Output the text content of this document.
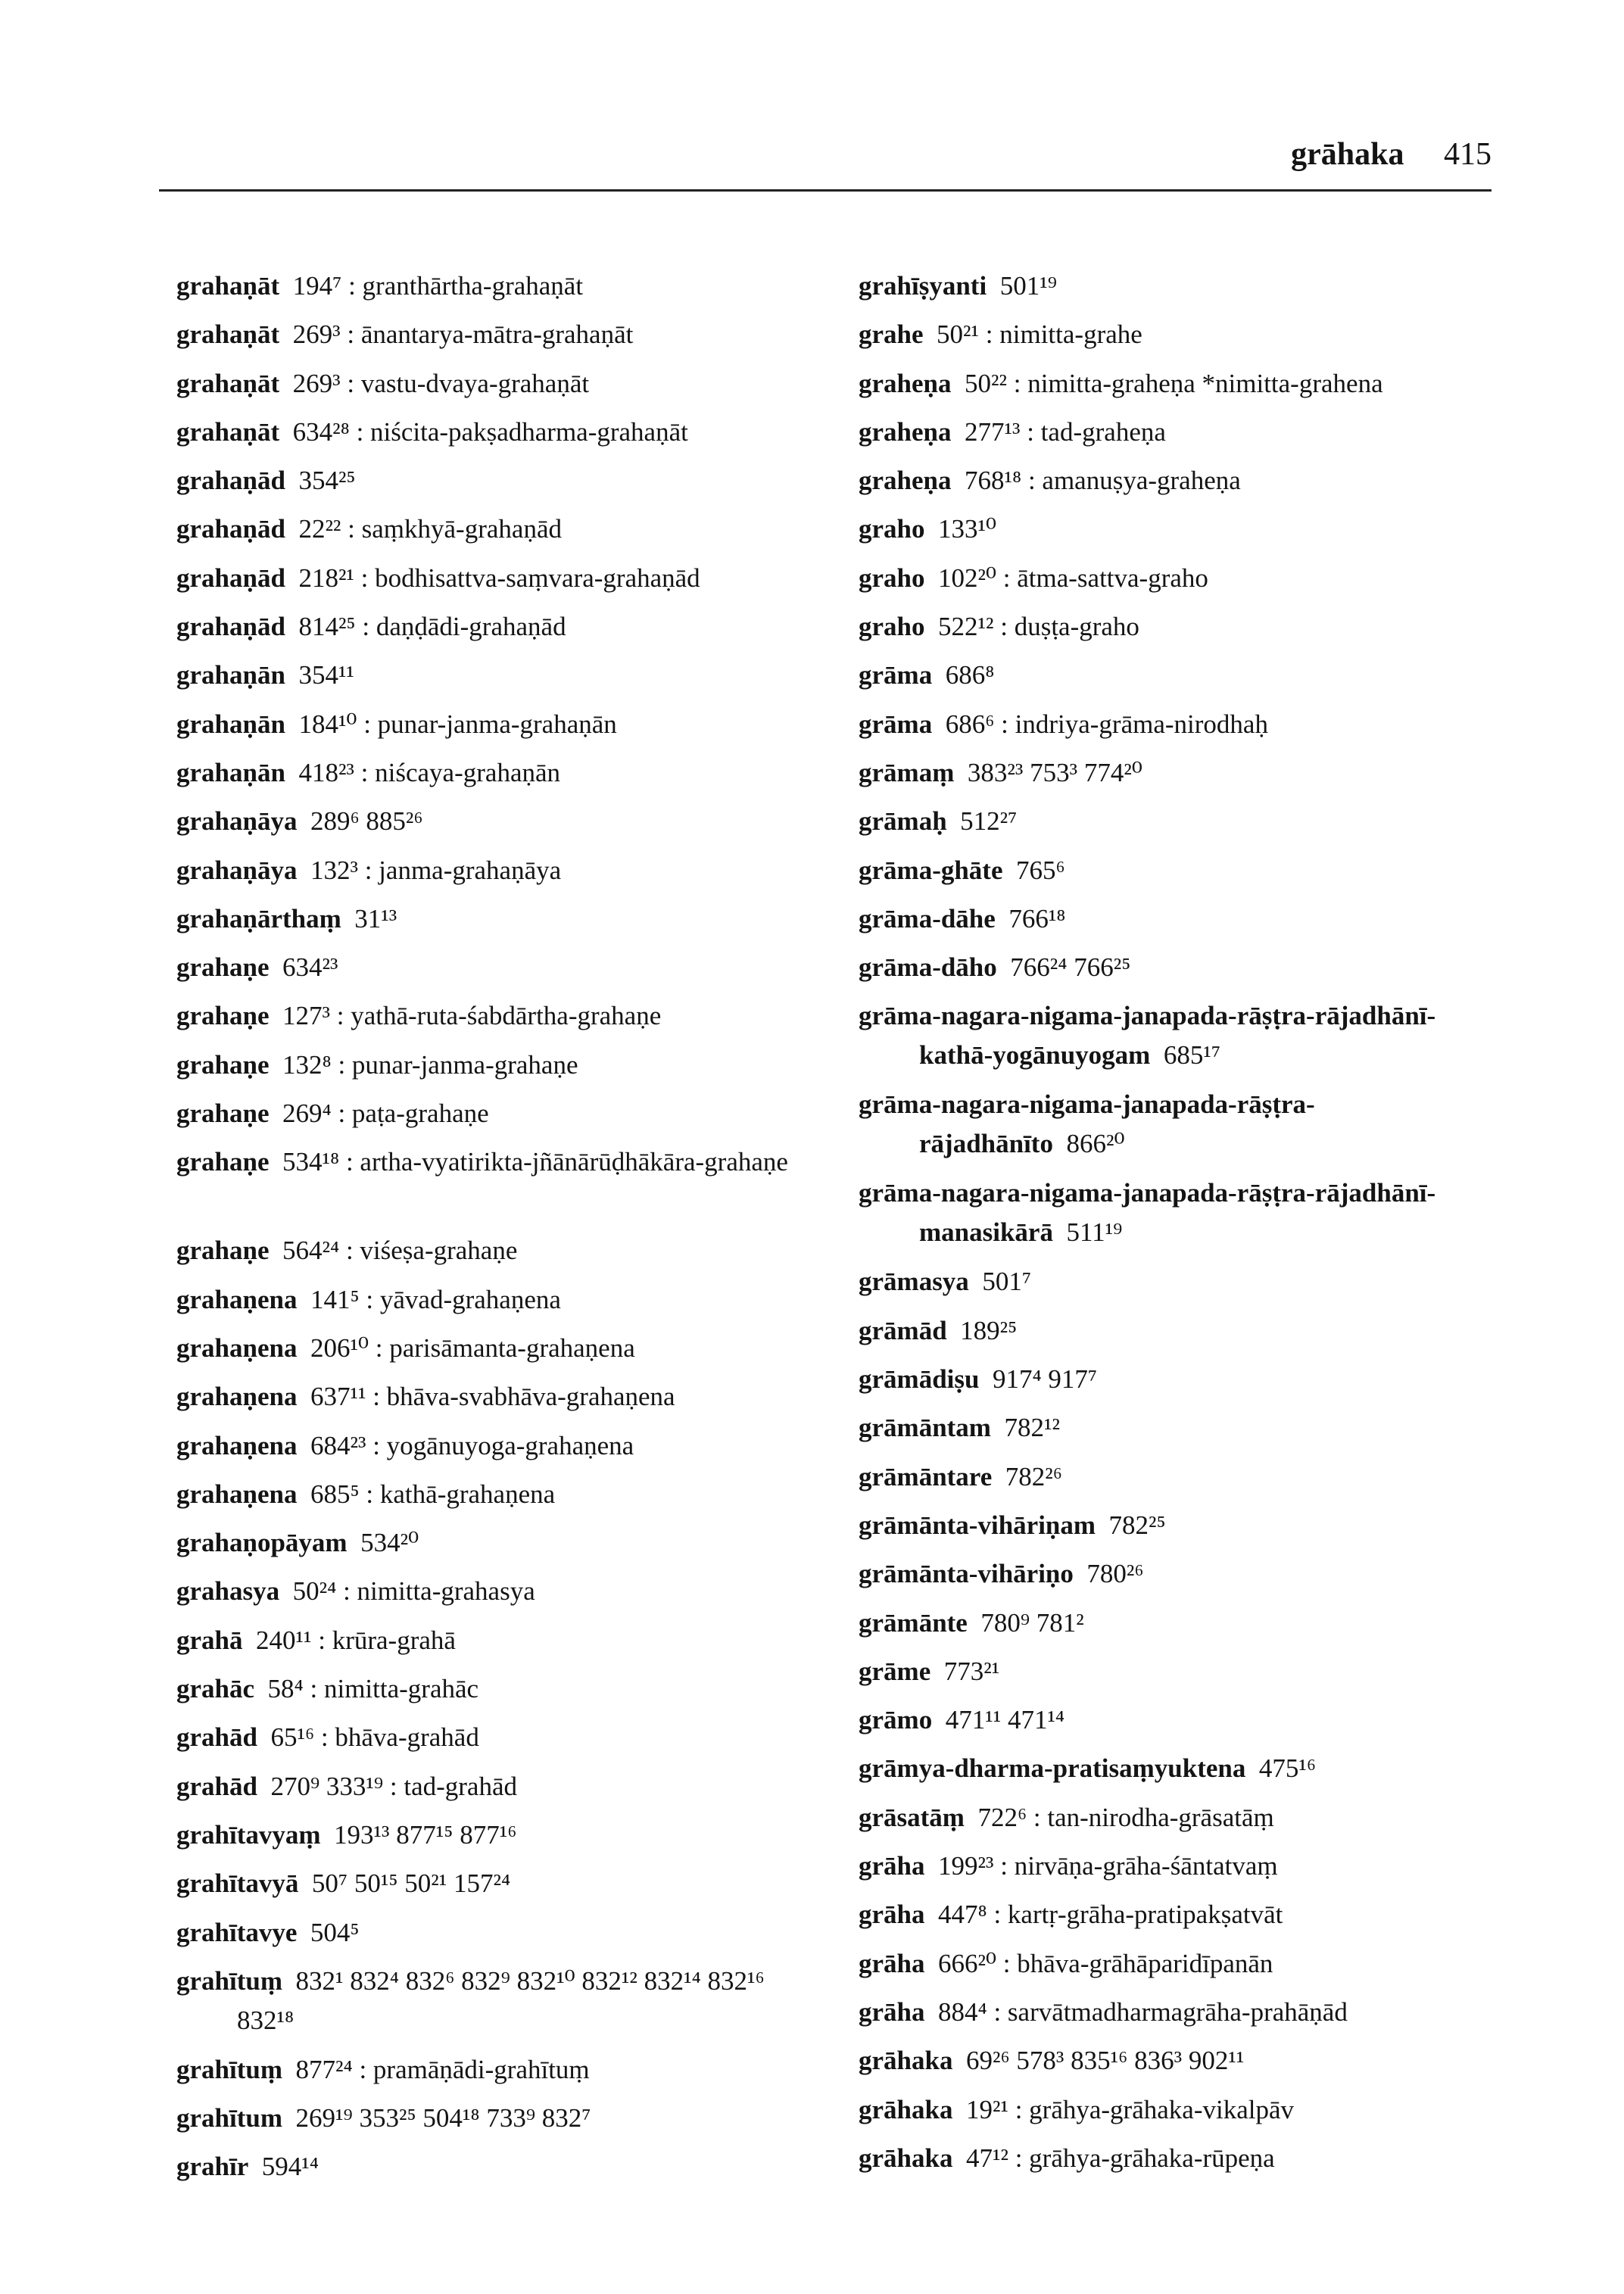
grāhaka 415
grahaṇāt 194⁷ : granthārtha-grahaṇāt
grahaṇāt 269³ : ānantarya-mātra-grahaṇāt
grahaṇāt 269³ : vastu-dvaya-grahaṇāt
grahaṇāt 634²⁸ : niścita-pakṣadharma-grahaṇāt
grahaṇād 354²⁵
grahaṇād 22²² : saṃkhyā-grahaṇād
grahaṇād 218²¹ : bodhisattva-saṃvara-grahaṇād
grahaṇād 814²⁵ : daṇḍādi-grahaṇād
grahaṇān 354¹¹
grahaṇān 184¹⁰ : punar-janma-grahaṇān
grahaṇān 418²³ : niścaya-grahaṇān
grahaṇāya 289⁶ 885²⁶
grahaṇāya 132³ : janma-grahaṇāya
grahaṇārthaṃ 31¹³
grahaṇe 634²³
grahaṇe 127³ : yathā-ruta-śabdārtha-grahaṇe
grahaṇe 132⁸ : punar-janma-grahaṇe
grahaṇe 269⁴ : paṭa-grahaṇe
grahaṇe 534¹⁸ : artha-vyatirikta-jñānārūḍhākāra-grahaṇe
grahaṇe 564²⁴ : viśeṣa-grahaṇe
grahaṇena 141⁵ : yāvad-grahaṇena
grahaṇena 206¹⁰ : parisāmanta-grahaṇena
grahaṇena 637¹¹ : bhāva-svabhāva-grahaṇena
grahaṇena 684²³ : yogānuyoga-grahaṇena
grahaṇena 685⁵ : kathā-grahaṇena
grahaṇopāyam 534²⁰
grahasya 50²⁴ : nimitta-grahasya
grahā 240¹¹ : krūra-grahā
grahāc 58⁴ : nimitta-grahāc
grahād 65¹⁶ : bhāva-grahād
grahād 270⁹ 333¹⁹ : tad-grahād
grahītavyaṃ 193¹³ 877¹⁵ 877¹⁶
grahītavyā 50⁷ 50¹⁵ 50²¹ 157²⁴
grahītavye 504⁵
grahītuṃ 832¹ 832⁴ 832⁶ 832⁹ 832¹⁰ 832¹² 832¹⁴ 832¹⁶ 832¹⁸
grahītuṃ 877²⁴ : pramāṇādi-grahītuṃ
grahītum 269¹⁹ 353²⁵ 504¹⁸ 733⁹ 832⁷
grahīr 594¹⁴
grahīṣyanti 501¹⁹
grahe 50²¹ : nimitta-grahe
graheṇa 50²² : nimitta-graheṇa *nimitta-grahena
graheṇa 277¹³ : tad-graheṇa
graheṇa 768¹⁸ : amanuṣya-graheṇa
graho 133¹⁰
graho 102²⁰ : ātma-sattva-graho
graho 522¹² : duṣṭa-graho
grāma 686⁸
grāma 686⁶ : indriya-grāma-nirodhaḥ
grāmaṃ 383²³ 753³ 774²⁰
grāmaḥ 512²⁷
grāma-ghāte 765⁶
grāma-dāhe 766¹⁸
grāma-dāho 766²⁴ 766²⁵
grāma-nagara-nigama-janapada-rāṣṭra-rājadhānī-kathā-yogānuyogam 685¹⁷
grāma-nagara-nigama-janapada-rāṣṭra-rājadhānīto 866²⁰
grāma-nagara-nigama-janapada-rāṣṭra-rājadhānī-manasikārā 511¹⁹
grāmasya 501⁷
grāmād 189²⁵
grāmādiṣu 917⁴ 917⁷
grāmāntam 782¹²
grāmāntare 782²⁶
grāmānta-vihāriṇam 782²⁵
grāmānta-vihāriṇo 780²⁶
grāmānte 780⁹ 781²
grāme 773²¹
grāmo 471¹¹ 471¹⁴
grāmya-dharma-pratisaṃyuktena 475¹⁶
grāsatāṃ 722⁶ : tan-nirodha-grāsatāṃ
grāha 199²³ : nirvāṇa-grāha-śāntatvaṃ
grāha 447⁸ : kartṛ-grāha-pratipakṣatvāt
grāha 666²⁰ : bhāva-grāhāparidīpanān
grāha 884⁴ : sarvātmadharmagrāha-prahāṇād
grāhaka 69²⁶ 578³ 835¹⁶ 836³ 902¹¹
grāhaka 19²¹ : grāhya-grāhaka-vikalpāv
grāhaka 47¹² : grāhya-grāhaka-rūpeṇa
